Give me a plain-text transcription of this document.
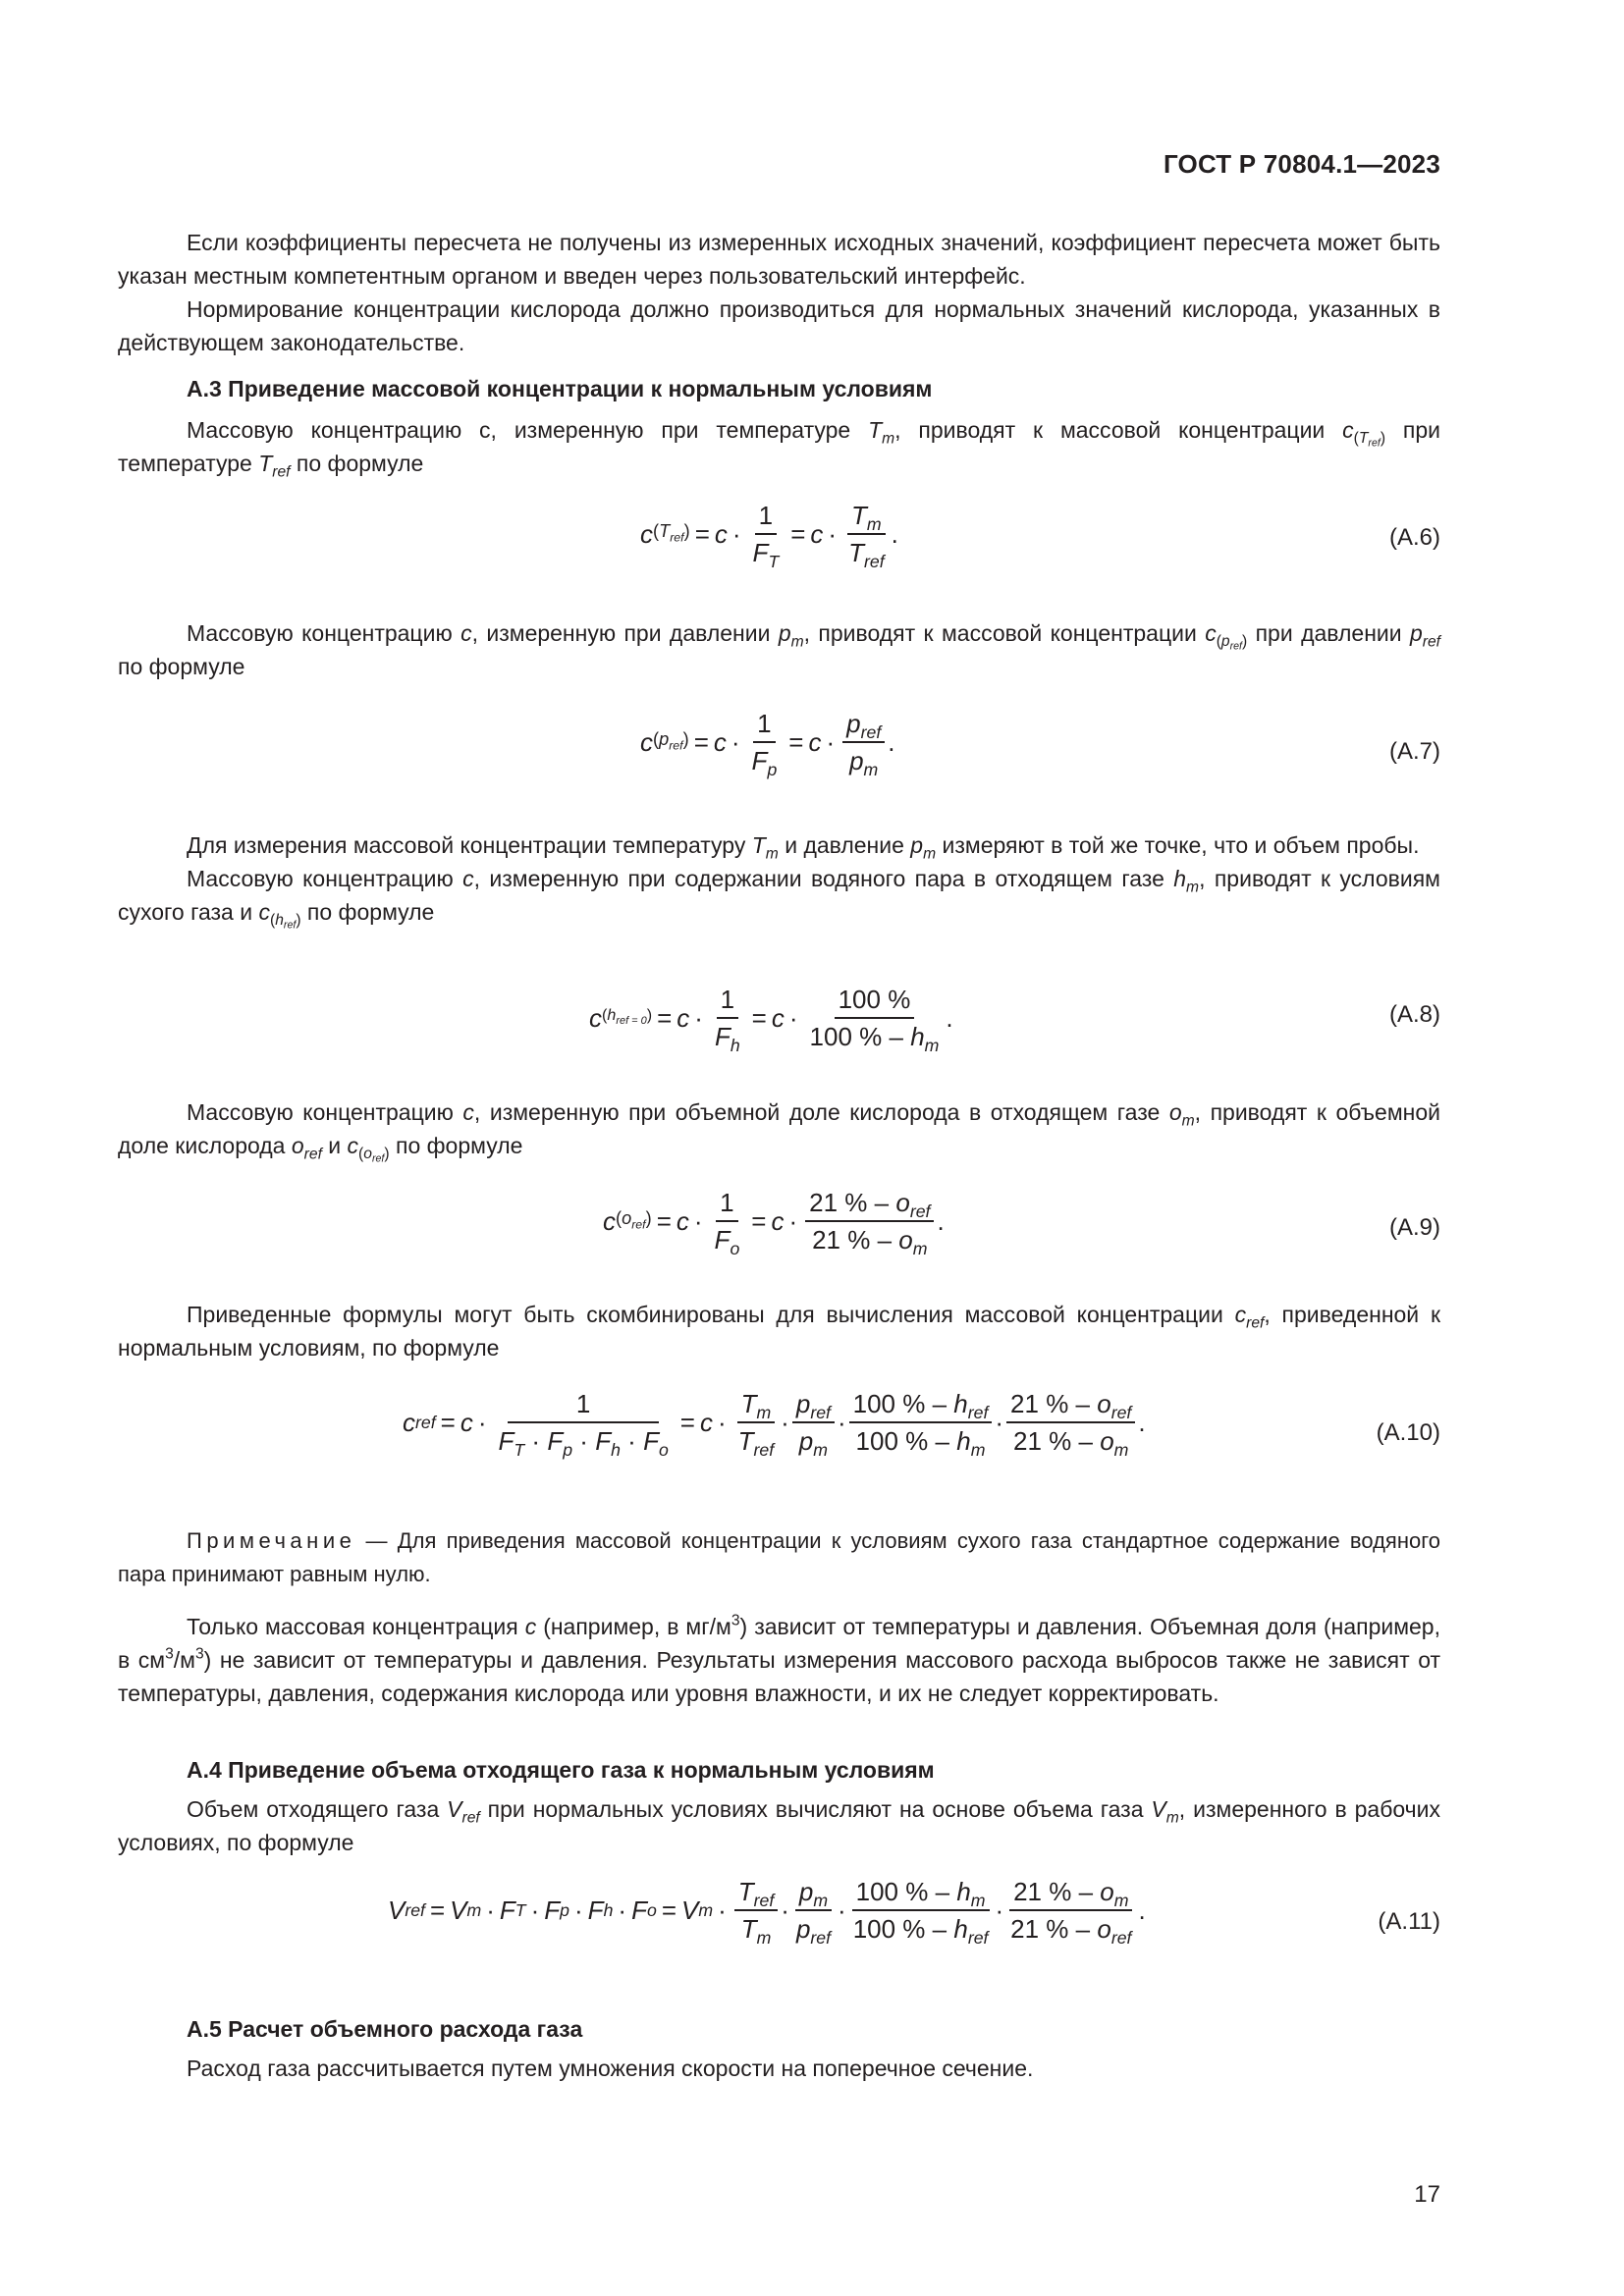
ГОСТ Р 70804.1—2023

Если коэффициенты пересчета не получены из измеренных исходных значений, коэффициент пересчета может быть указан местным компетентным органом и введен через пользовательский интерфейс.

Нормирование концентрации кислорода должно производиться для нормальных значений кислорода, указанных в действующем законодательстве.

А.3 Приведение массовой концентрации к нормальным условиям

Массовую концентрацию с, измеренную при температуре $T_m$, приводят к массовой концентрации $c_{(T_{ref})}$ при температуре $T_{ref}$ по формуле

c $(T_{ref}) = c \cdot \frac{1}{F_T} = c \cdot \frac{T_m}{T_{ref}}$ .	(А.6)

Массовую концентрацию c, измеренную при давлении $p_m$, приводят к массовой концентрации $c_{(p_{ref})}$ при давлении $p_{ref}$ по формуле

c $(p_{ref}) = c \cdot \frac{1}{F_p} = c \cdot \frac{p_{ref}}{p_m}$ .	(А.7)

Для измерения массовой концентрации температуру $T_m$ и давление $p_m$ измеряют в той же точке, что и объем пробы.

Массовую концентрацию c, измеренную при содержании водяного пара в отходящем газе $h_m$, приводят к условиям сухого газа и $c_{(h_{ref})}$ по формуле

c $(h_{ref = 0}) = c \cdot \frac{1}{F_h} = c \cdot \frac{100 \%}{100 \% - h_m}$ .	(А.8)

Массовую концентрацию c, измеренную при объемной доле кислорода в отходящем газе $o_m$, приводят к объемной доле кислорода $o_{ref}$ и $c_{(o_{ref})}$ по формуле

c $(o_{ref}) = c \cdot \frac{1}{F_o} = c \cdot \frac{21 \% - o_{ref}}{21 \% - o_m}$ .	(А.9)

Приведенные формулы могут быть скомбинированы для вычисления массовой концентрации $c_{ref}$, приведенной к нормальным условиям, по формуле

c ref = $c \cdot \frac{1}{F_T \cdot F_p \cdot F_h \cdot F_o} = c \cdot \frac{T_m}{T_{ref}} \cdot \frac{p_{ref}}{p_m} \cdot \frac{100 \% - h_{ref}}{100 \% - h_m} \cdot \frac{21 \% - o_{ref}}{21 \% - o_m}$ .	(А.10)

Примечание — Для приведения массовой концентрации к условиям сухого газа стандартное содержание водяного пара принимают равным нулю.

Только массовая концентрация c (например, в $мг/м^3$) зависит от температуры и давления. Объемная доля (например, в $см^3/м^3$) не зависит от температуры и давления. Результаты измерения массового расхода выбросов также не зависят от температуры, давления, содержания кислорода или уровня влажности, и их не следует корректировать.

А.4 Приведение объема отходящего газа к нормальным условиям

Объем отходящего газа $V_{ref}$ при нормальных условиях вычисляют на основе объема газа $V_m$, измеренного в рабочих условиях, по формуле

V ref = V m · F T · F p · F h · F o = V $m \cdot \frac{T_{ref}}{T_m} \cdot \frac{p_m}{p_{ref}} \cdot \frac{100 \% - h_m}{100 \% - h_{ref}} \cdot \frac{21 \% - o_m}{21 \% - o_{ref}}$ .	(А.11)

А.5 Расчет объемного расхода газа

Расход газа рассчитывается путем умножения скорости на поперечное сечение.

17
